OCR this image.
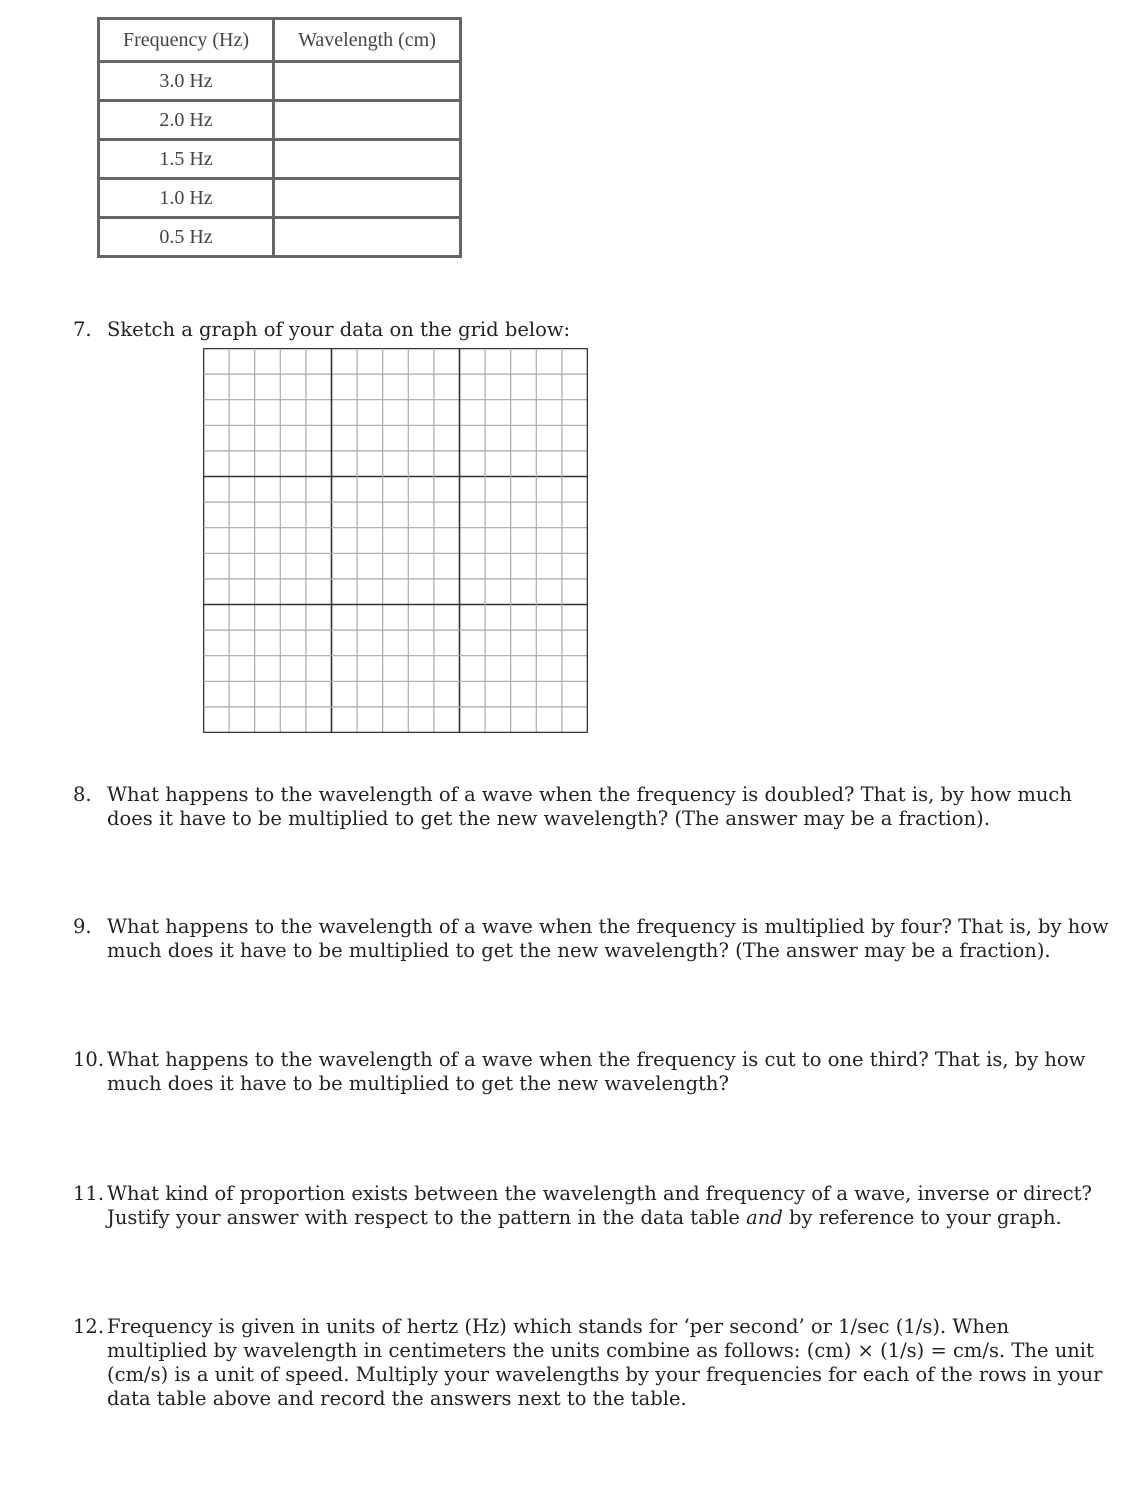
Frequency (Hz)	Wavelength (cm)
3.0 Hz	
2.0 Hz	
1.5 Hz	
1.0 Hz	
0.5 Hz	
7. Sketch a graph of your data on the grid below:
8. What happens to the wavelength of a wave when the frequency is doubled? That is, by how much does it have to be multiplied to get the new wavelength? (The answer may be a fraction).
9. What happens to the wavelength of a wave when the frequency is multiplied by four? That is, by how much does it have to be multiplied to get the new wavelength? (The answer may be a fraction).
10. What happens to the wavelength of a wave when the frequency is cut to one third? That is, by how much does it have to be multiplied to get the new wavelength?
11. What kind of proportion exists between the wavelength and frequency of a wave, inverse or direct? Justify your answer with respect to the pattern in the data table and by reference to your graph.
12. Frequency is given in units of hertz (Hz) which stands for ‘per second’ or 1/sec (1/s). When multiplied by wavelength in centimeters the units combine as follows: (cm) × (1/s) = cm/s. The unit (cm/s) is a unit of speed. Multiply your wavelengths by your frequencies for each of the rows in your data table above and record the answers next to the table.
